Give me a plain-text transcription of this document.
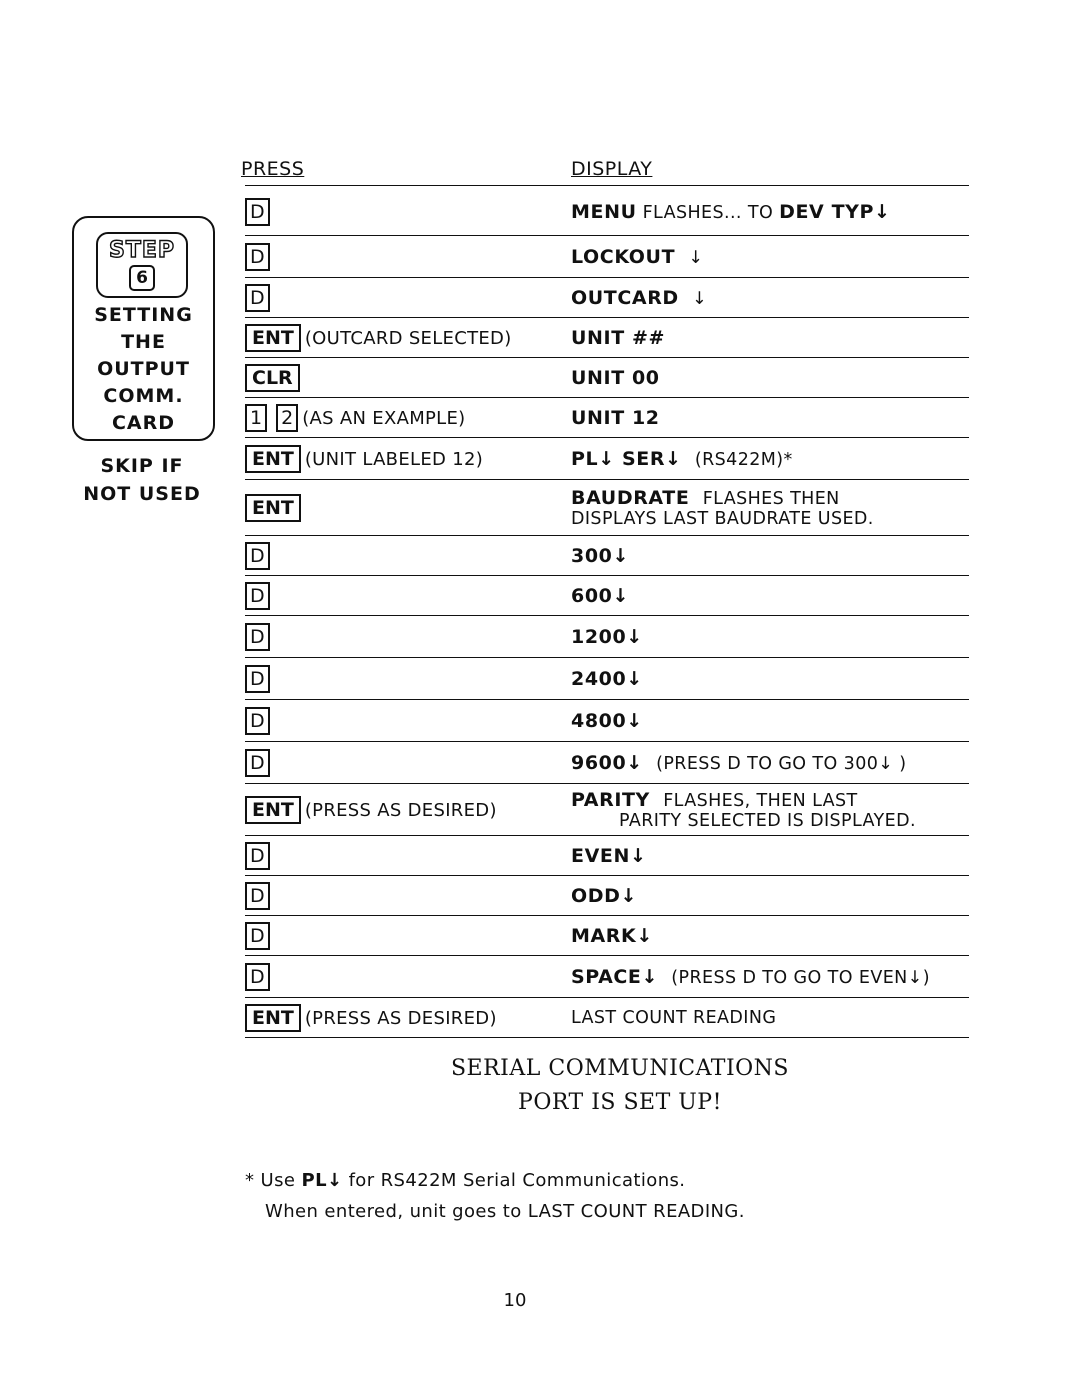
STEP
6
SETTING
THE
OUTPUT
COMM.
CARD
SKIP IF
NOT USED
PRESS	DISPLAY
D	MENU FLASHES... TO DEV TYP↓
D	LOCKOUT ↓
D	OUTCARD ↓
ENT (OUTCARD SELECTED)	UNIT ##
CLR	UNIT 00
1 2 (AS AN EXAMPLE)	UNIT 12
ENT (UNIT LABELED 12)	PL↓ SER↓ (RS422M)*
ENT	BAUDRATE FLASHES THEN
DISPLAYS LAST BAUDRATE USED.
D	300↓
D	600↓
D	1200↓
D	2400↓
D	4800↓
D	9600↓ (PRESS D TO GO TO 300↓ )
ENT (PRESS AS DESIRED)	PARITY FLASHES, THEN LAST
PARITY SELECTED IS DISPLAYED.
D	EVEN↓
D	ODD↓
D	MARK↓
D	SPACE↓ (PRESS D TO GO TO EVEN↓)
ENT (PRESS AS DESIRED)	LAST COUNT READING
SERIAL COMMUNICATIONS
PORT IS SET UP!
* Use PL↓ for RS422M Serial Communications.
When entered, unit goes to LAST COUNT READING.
10
